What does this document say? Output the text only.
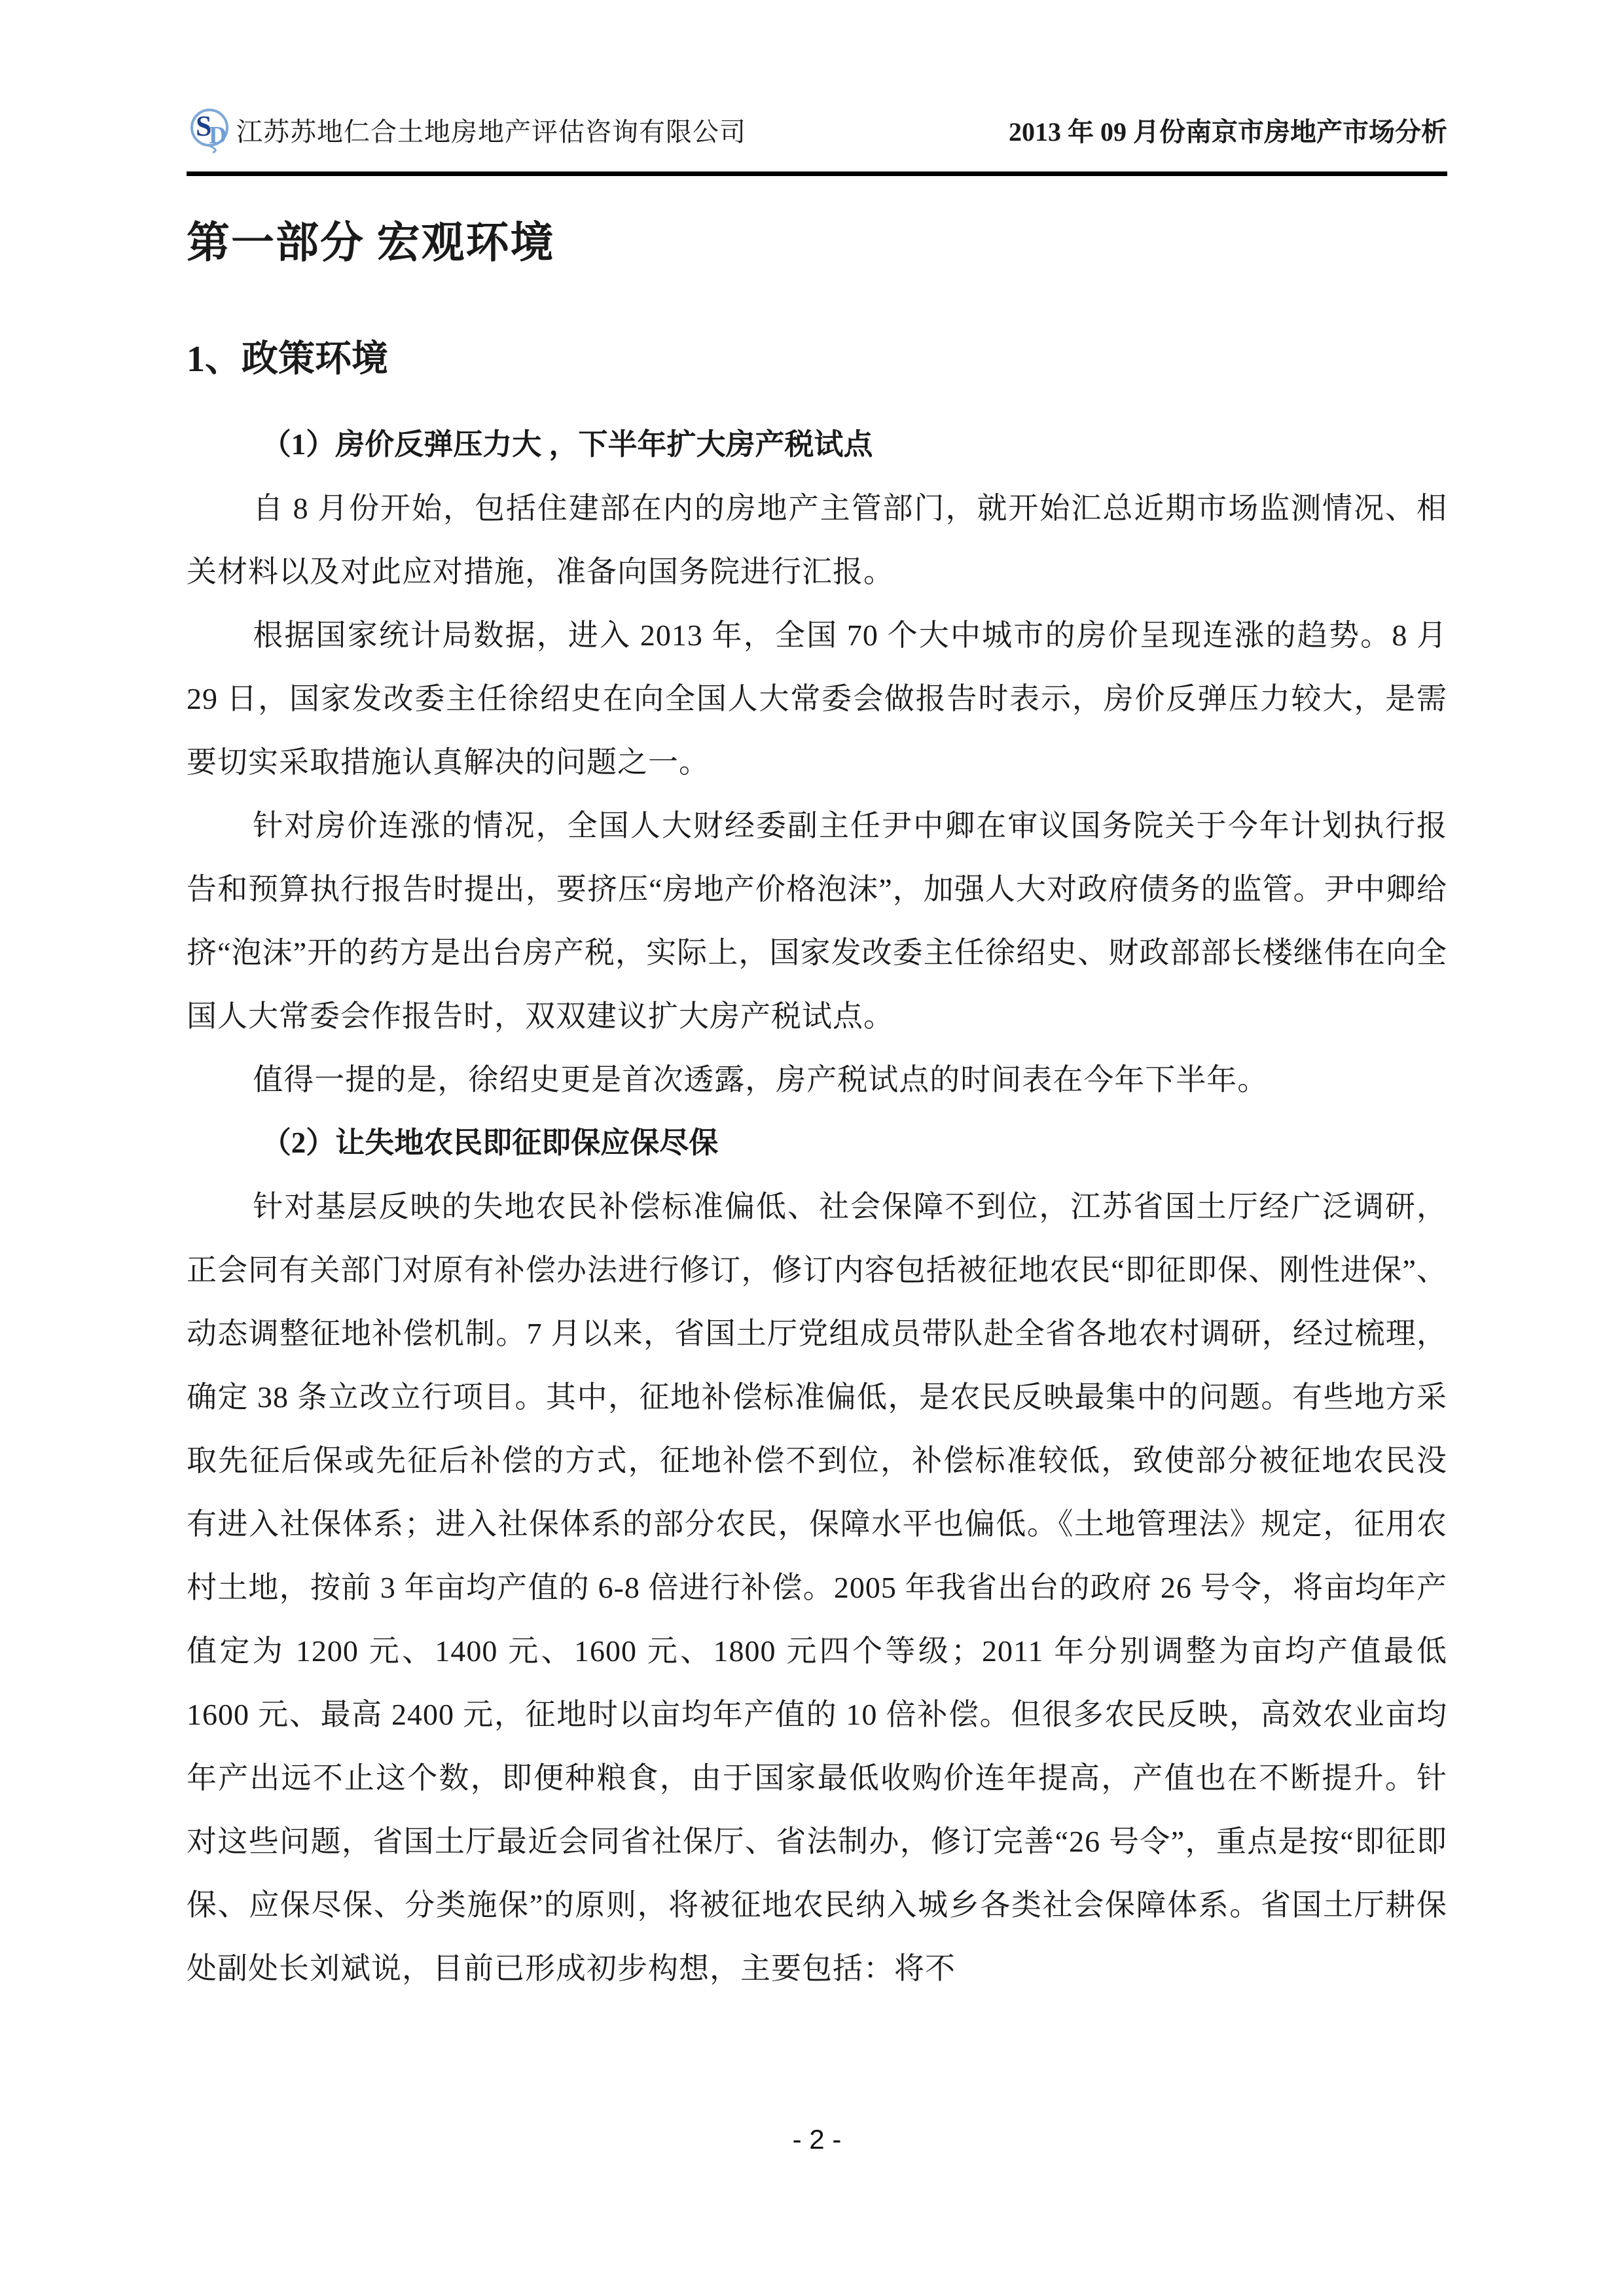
S
D 江苏苏地仁合土地房地产评估咨询有限公司	2013 年 09 月份南京市房地产市场分析
第一部分 宏观环境
1、政策环境
（1）房价反弹压力大 ，下半年扩大房产税试点

自 8 月份开始，包括住建部在内的房地产主管部门，就开始汇总近期市场监测情况、相关材料以及对此应对措施，准备向国务院进行汇报。

根据国家统计局数据，进入 2013 年，全国 70 个大中城市的房价呈现连涨的趋势。8 月 29 日，国家发改委主任徐绍史在向全国人大常委会做报告时表示，房价反弹压力较大，是需要切实采取措施认真解决的问题之一。

针对房价连涨的情况，全国人大财经委副主任尹中卿在审议国务院关于今年计划执行报告和预算执行报告时提出，要挤压“房地产价格泡沫”，加强人大对政府债务的监管。尹中卿给挤“泡沫”开的药方是出台房产税，实际上，国家发改委主任徐绍史、财政部部长楼继伟在向全国人大常委会作报告时，双双建议扩大房产税试点。

值得一提的是，徐绍史更是首次透露，房产税试点的时间表在今年下半年。

（2）让失地农民即征即保应保尽保

针对基层反映的失地农民补偿标准偏低、社会保障不到位，江苏省国土厅经广泛调研，正会同有关部门对原有补偿办法进行修订，修订内容包括被征地农民“即征即保、刚性进保”、动态调整征地补偿机制。7 月以来，省国土厅党组成员带队赴全省各地农村调研，经过梳理，确定 38 条立改立行项目。其中，征地补偿标准偏低，是农民反映最集中的问题。有些地方采取先征后保或先征后补偿的方式，征地补偿不到位，补偿标准较低，致使部分被征地农民没有进入社保体系；进入社保体系的部分农民，保障水平也偏低。《土地管理法》规定，征用农村土地，按前 3 年亩均产值的 6-8 倍进行补偿。2005 年我省出台的政府 26 号令，将亩均年产值定为 1200 元、1400 元、1600 元、1800 元四个等级；2011 年分别调整为亩均产值最低 1600 元、最高 2400 元，征地时以亩均年产值的 10 倍补偿。但很多农民反映，高效农业亩均年产出远不止这个数，即便种粮食，由于国家最低收购价连年提高，产值也在不断提升。针对这些问题，省国土厅最近会同省社保厅、省法制办，修订完善“26 号令”，重点是按“即征即保、应保尽保、分类施保”的原则，将被征地农民纳入城乡各类社会保障体系。省国土厅耕保处副处长刘斌说，目前已形成初步构想，主要包括：将不

- 2 -
